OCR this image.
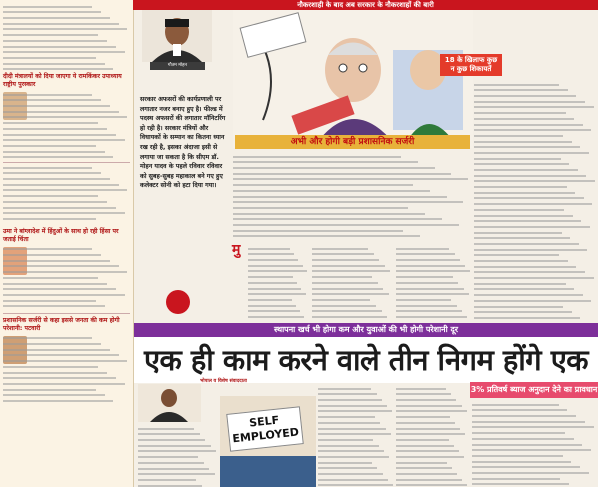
दीदी मंत्रालयों को दिया जाएगा ये रामकिंकर उपाध्याय राष्ट्रीय पुरस्कार
उमा ने बांग्लादेश में हिंदुओं के साथ हो रही हिंसा पर जताई चिंता
प्रशासनिक सर्जरी से कहा इससे जनता की कम होगी परेशानी: पटवारी
नौकरशाही के बाद अब सरकार के नौकरशाहों की बारी
गौतम मोहन
सरकार अफसरों की कार्यप्रणाली पर लगातार नजर बनाए हुए है। फील्ड में पदस्थ अफसरों की लगातार मॉनिटरिंग हो रही है। सरकार मंत्रियों और विधायकों के सम्मान का कितना ध्यान रख रही है, इसका अंदाजा इसी से लगाया जा सकता है कि सीएम डॉ. मोहन यादव के पहले रविवार रविवार को सुबह-सुबह महाकाल बने गए हुए कलेक्टर सोनी को हटा दिया गया।
अभी और होगी बड़ी प्रशासनिक सर्जरी
18 के खिलाफ कुछ न कुछ शिकायतें
मु
स्थापना खर्च भी होगा कम और युवाओं की भी होगी परेशानी दूर
एक ही काम करने वाले तीन निगम होंगे एक
भोपाल व विशेष संवाददाता
SELF
EMPLOYED
3% प्रतिवर्ष ब्याज अनुदान देने का प्रावधान
